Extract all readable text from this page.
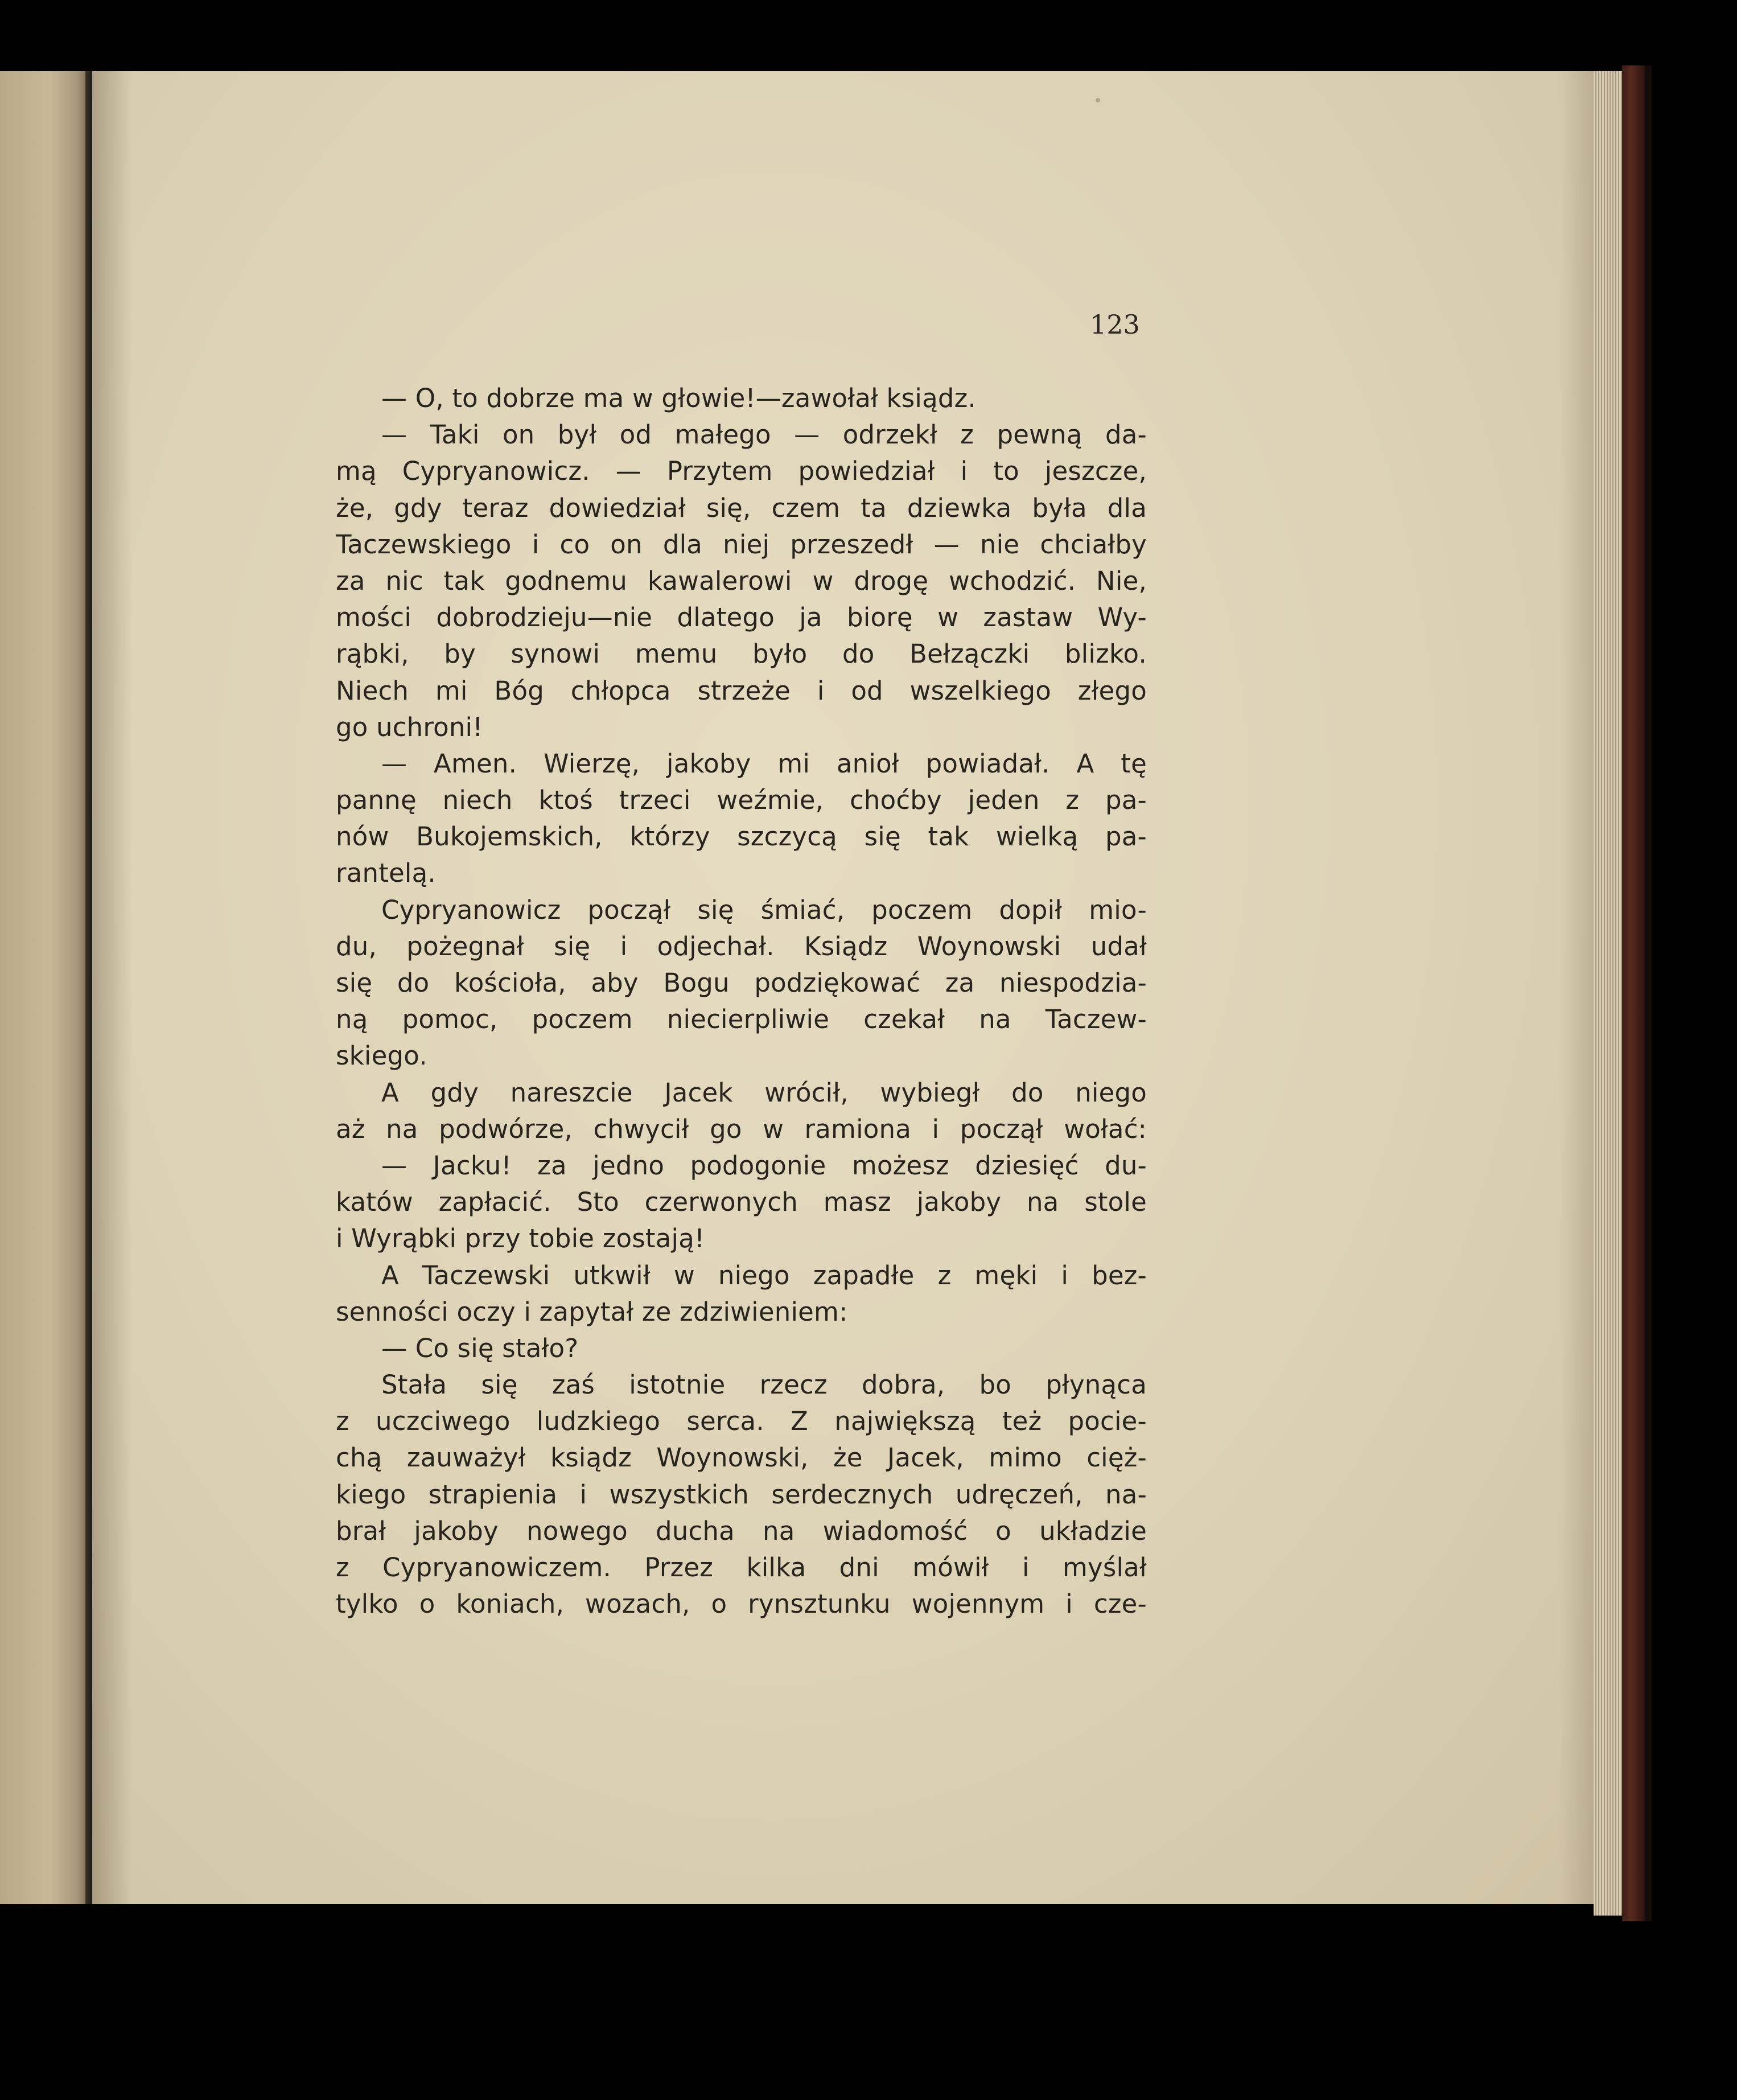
123
— O, to dobrze ma w głowie!—zawołał ksiądz.
— Taki on był od małego — odrzekł z pewną da-
mą Cypryanowicz. — Przytem powiedział i to jeszcze,
że, gdy teraz dowiedział się, czem ta dziewka była dla
Taczewskiego i co on dla niej przeszedł — nie chciałby
za nic tak godnemu kawalerowi w drogę wchodzić. Nie,
mości dobrodzieju—nie dlatego ja biorę w zastaw Wy-
rąbki, by synowi memu było do Bełzączki blizko.
Niech mi Bóg chłopca strzeże i od wszelkiego złego
go uchroni!
— Amen. Wierzę, jakoby mi anioł powiadał. A tę
pannę niech ktoś trzeci weźmie, choćby jeden z pa-
nów Bukojemskich, którzy szczycą się tak wielką pa-
rantelą.
Cypryanowicz począł się śmiać, poczem dopił mio-
du, pożegnał się i odjechał. Ksiądz Woynowski udał
się do kościoła, aby Bogu podziękować za niespodzia-
ną pomoc, poczem niecierpliwie czekał na Taczew-
skiego.
A gdy nareszcie Jacek wrócił, wybiegł do niego
aż na podwórze, chwycił go w ramiona i począł wołać:
— Jacku! za jedno podogonie możesz dziesięć du-
katów zapłacić. Sto czerwonych masz jakoby na stole
i Wyrąbki przy tobie zostają!
A Taczewski utkwił w niego zapadłe z męki i bez-
senności oczy i zapytał ze zdziwieniem:
— Co się stało?
Stała się zaś istotnie rzecz dobra, bo płynąca
z uczciwego ludzkiego serca. Z największą też pocie-
chą zauważył ksiądz Woynowski, że Jacek, mimo cięż-
kiego strapienia i wszystkich serdecznych udręczeń, na-
brał jakoby nowego ducha na wiadomość o układzie
z Cypryanowiczem. Przez kilka dni mówił i myślał
tylko o koniach, wozach, o rynsztunku wojennym i cze-
